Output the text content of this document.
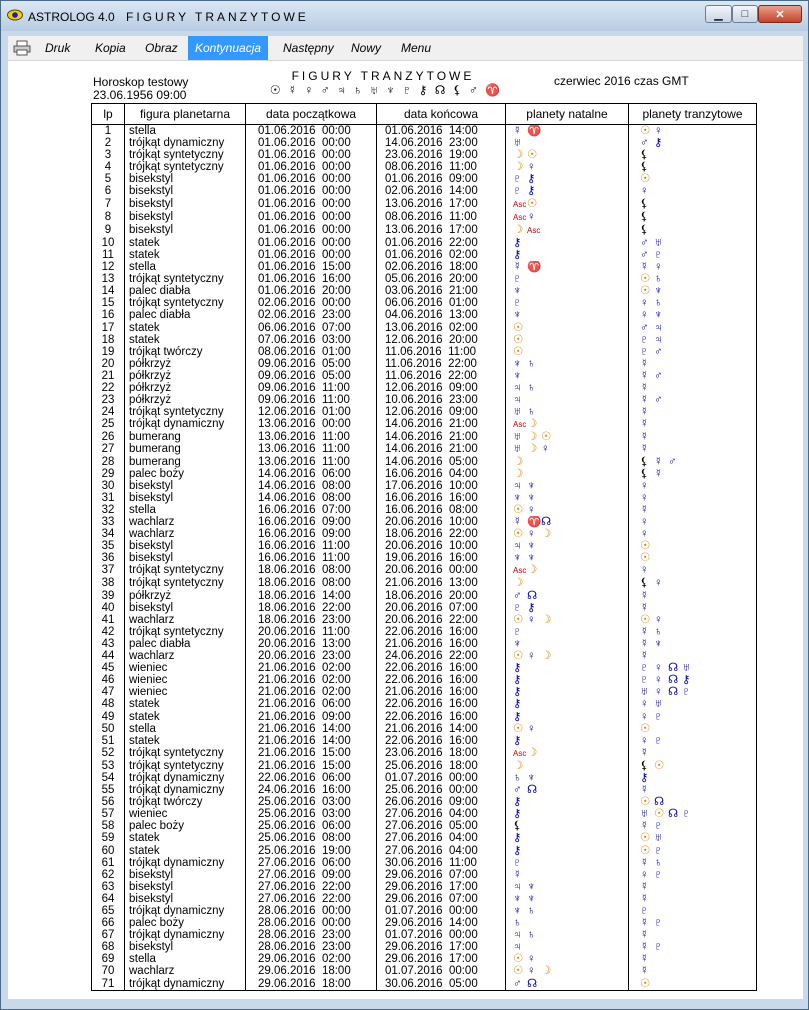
ASTROLOG 4.0 FIGURY TRANZYTOWE	▁ □ ✕
Druk	Kopia	Obraz	Kontynuacja	Następny	Nowy	Menu
Horoskop testowy
23.06.1956 09:00
FIGURY TRANZYTOWE
☉ ☿ ♀ ♂ ♃ ♄ ♅ ♆ ♇ ⚷ ☊ ⚸ ♂ ♈
czerwiec 2016 czas GMT
lp	figura planetarna	data początkowa	data końcowa	planety natalne	planety tranzytowe
1	stella	01.06.2016  00:00	01.06.2016  14:00	☿ ♈	☉ ♀
2	trójkąt dynamiczny	01.06.2016  00:00	14.06.2016  23:00	♅	♂ ⚷
3	trójkąt syntetyczny	01.06.2016  00:00	23.06.2016  19:00	☽ ☉	⚸
4	trójkąt syntetyczny	01.06.2016  00:00	08.06.2016  11:00	☽ ♀	⚸
5	bisekstyl	01.06.2016  00:00	01.06.2016  09:00	♇ ⚷	☉
6	bisekstyl	01.06.2016  00:00	02.06.2016  14:00	♇ ⚷	♀
7	bisekstyl	01.06.2016  00:00	13.06.2016  17:00	Asc☉	⚸
8	bisekstyl	01.06.2016  00:00	08.06.2016  11:00	Asc♀	⚸
9	bisekstyl	01.06.2016  00:00	13.06.2016  17:00	☽ Asc	⚸
10	statek	01.06.2016  00:00	01.06.2016  22:00	⚷	♂ ♅
11	statek	01.06.2016  00:00	01.06.2016  02:00	⚷	♂ ♇
12	stella	01.06.2016  15:00	02.06.2016  18:00	☿ ♈	☿ ♀
13	trójkąt syntetyczny	01.06.2016  16:00	05.06.2016  20:00	♇	☉ ♄
14	palec diabła	01.06.2016  20:00	03.06.2016  21:00	♆	☉ ♆
15	trójkąt syntetyczny	02.06.2016  00:00	06.06.2016  01:00	♇	♀ ♄
16	palec diabła	02.06.2016  23:00	04.06.2016  13:00	♆	♀ ♆
17	statek	06.06.2016  07:00	13.06.2016  02:00	☉	♂ ♃
18	statek	07.06.2016  03:00	12.06.2016  20:00	☉	♇ ♃
19	trójkąt twórczy	08.06.2016  01:00	11.06.2016  11:00	☉	♇ ♂
20	półkrzyż	09.06.2016  05:00	11.06.2016  22:00	♆ ♄	☿
21	półkrzyż	09.06.2016  05:00	11.06.2016  22:00	♆	☿ ♂
22	półkrzyż	09.06.2016  11:00	12.06.2016  09:00	♃ ♄	☿
23	półkrzyż	09.06.2016  11:00	10.06.2016  23:00	♃	☿ ♂
24	trójkąt syntetyczny	12.06.2016  01:00	12.06.2016  09:00	♅ ♄	☿
25	trójkąt dynamiczny	13.06.2016  00:00	14.06.2016  21:00	Asc☽	☿
26	bumerang	13.06.2016  11:00	14.06.2016  21:00	♅ ☽ ☉	☿
27	bumerang	13.06.2016  11:00	14.06.2016  21:00	♅ ☽ ♀	☿
28	bumerang	13.06.2016  11:00	14.06.2016  05:00	☽	⚸ ☿ ♂
29	palec boży	14.06.2016  06:00	16.06.2016  04:00	☽	⚸ ☿
30	bisekstyl	14.06.2016  08:00	17.06.2016  10:00	♃ ♆	♀
31	bisekstyl	14.06.2016  08:00	16.06.2016  16:00	♆ ♆	♀
32	stella	16.06.2016  07:00	16.06.2016  08:00	☉ ♀	☿
33	wachlarz	16.06.2016  09:00	20.06.2016  10:00	☿ ♈☊	♀
34	wachlarz	16.06.2016  09:00	18.06.2016  22:00	☉ ♀ ☽	♀
35	bisekstyl	16.06.2016  11:00	20.06.2016  10:00	♃ ♆	☉
36	bisekstyl	16.06.2016  11:00	19.06.2016  16:00	♆ ♆	☉
37	trójkąt syntetyczny	18.06.2016  08:00	20.06.2016  00:00	Asc☽	♀
38	trójkąt syntetyczny	18.06.2016  08:00	21.06.2016  13:00	☽	⚸ ♀
39	półkrzyż	18.06.2016  14:00	18.06.2016  20:00	♂ ☊	☿
40	bisekstyl	18.06.2016  22:00	20.06.2016  07:00	♇ ⚷	☿
41	wachlarz	18.06.2016  23:00	20.06.2016  22:00	☉ ♀ ☽	☉ ♀
42	trójkąt syntetyczny	20.06.2016  11:00	22.06.2016  16:00	♇	☿ ♄
43	palec diabła	20.06.2016  13:00	21.06.2016  16:00	♆	☿ ♆
44	wachlarz	20.06.2016  23:00	24.06.2016  22:00	☉ ♀ ☽	☿
45	wieniec	21.06.2016  02:00	22.06.2016  16:00	⚷	♇ ♀ ☊ ♅
46	wieniec	21.06.2016  02:00	22.06.2016  16:00	⚷	♇ ♀ ☊ ⚷
47	wieniec	21.06.2016  02:00	21.06.2016  16:00	⚷	♅ ♀ ☊ ♇
48	statek	21.06.2016  06:00	22.06.2016  16:00	⚷	♀ ♅
49	statek	21.06.2016  09:00	22.06.2016  16:00	⚷	♀ ♇
50	stella	21.06.2016  14:00	21.06.2016  14:00	☉ ♀	☉
51	statek	21.06.2016  14:00	22.06.2016  16:00	⚷	♀ ♇
52	trójkąt syntetyczny	21.06.2016  15:00	23.06.2016  18:00	Asc☽	☿
53	trójkąt syntetyczny	21.06.2016  15:00	25.06.2016  18:00	☽	⚸ ☉
54	trójkąt dynamiczny	22.06.2016  06:00	01.07.2016  00:00	♄ ♆	⚷
55	trójkąt dynamiczny	24.06.2016  16:00	25.06.2016  00:00	♂ ☊	☿
56	trójkąt twórczy	25.06.2016  03:00	26.06.2016  09:00	⚷	☉ ☊
57	wieniec	25.06.2016  03:00	27.06.2016  04:00	⚷	♅ ☉ ☊ ♇
58	palec boży	25.06.2016  06:00	27.06.2016  05:00	⚸	☿ ♇
59	statek	25.06.2016  08:00	27.06.2016  04:00	⚷	☉ ♅
60	statek	25.06.2016  19:00	27.06.2016  04:00	⚷	☉ ♇
61	trójkąt dynamiczny	27.06.2016  06:00	30.06.2016  11:00	♇	☿ ♄
62	bisekstyl	27.06.2016  09:00	29.06.2016  07:00	☿	♀ ♇
63	bisekstyl	27.06.2016  22:00	29.06.2016  17:00	♃ ♆	☿
64	bisekstyl	27.06.2016  22:00	29.06.2016  07:00	♆ ♆	☿
65	trójkąt dynamiczny	28.06.2016  00:00	01.07.2016  00:00	♆ ♄	♇
66	palec boży	28.06.2016  00:00	29.06.2016  14:00	♄	☿ ♇
67	trójkąt dynamiczny	28.06.2016  23:00	01.07.2016  00:00	♃ ♄	☿
68	bisekstyl	28.06.2016  23:00	29.06.2016  17:00	♃	☿ ♇
69	stella	29.06.2016  02:00	29.06.2016  17:00	☉ ♀	☿
70	wachlarz	29.06.2016  18:00	01.07.2016  00:00	☉ ♀ ☽	☿
71	trójkąt dynamiczny	29.06.2016  18:00	30.06.2016  05:00	♂ ☊	☉
